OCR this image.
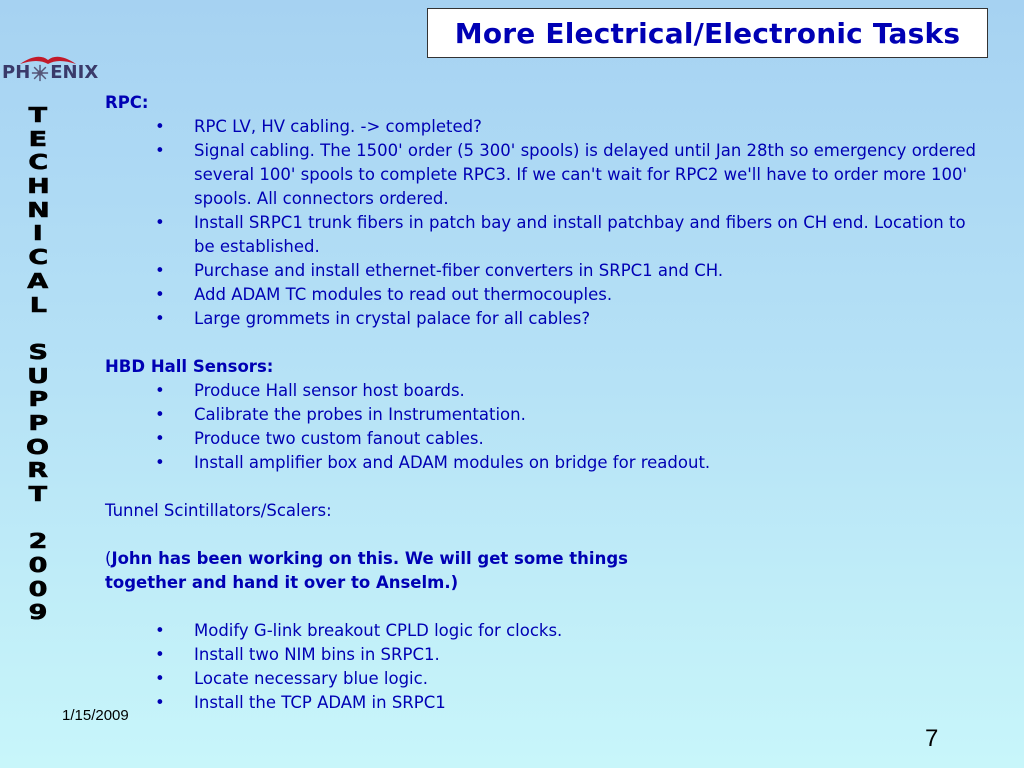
More Electrical/Electronic Tasks
PH ENIX
T
E
C
H
N
I
C
A
L
S
U
P
P
O
R
T
2
0
0
9
RPC:
• RPC LV, HV cabling. -> completed?
• Signal cabling. The 1500' order (5 300' spools) is delayed until Jan 28th so emergency ordered several 100' spools to complete RPC3. If we can't wait for RPC2 we'll have to order more 100' spools. All connectors ordered.
• Install SRPC1 trunk fibers in patch bay and install patchbay and fibers on CH end. Location to be established.
• Purchase and install ethernet-fiber converters in SRPC1 and CH.
• Add ADAM TC modules to read out thermocouples.
• Large grommets in crystal palace for all cables?
HBD Hall Sensors:
• Produce Hall sensor host boards.
• Calibrate the probes in Instrumentation.
• Produce two custom fanout cables.
• Install amplifier box and ADAM modules on bridge for readout.
Tunnel Scintillators/Scalers:
(John has been working on this. We will get some things
together and hand it over to Anselm.)
• Modify G-link breakout CPLD logic for clocks.
• Install two NIM bins in SRPC1.
• Locate necessary blue logic.
• Install the TCP ADAM in SRPC1
1/15/2009
7
